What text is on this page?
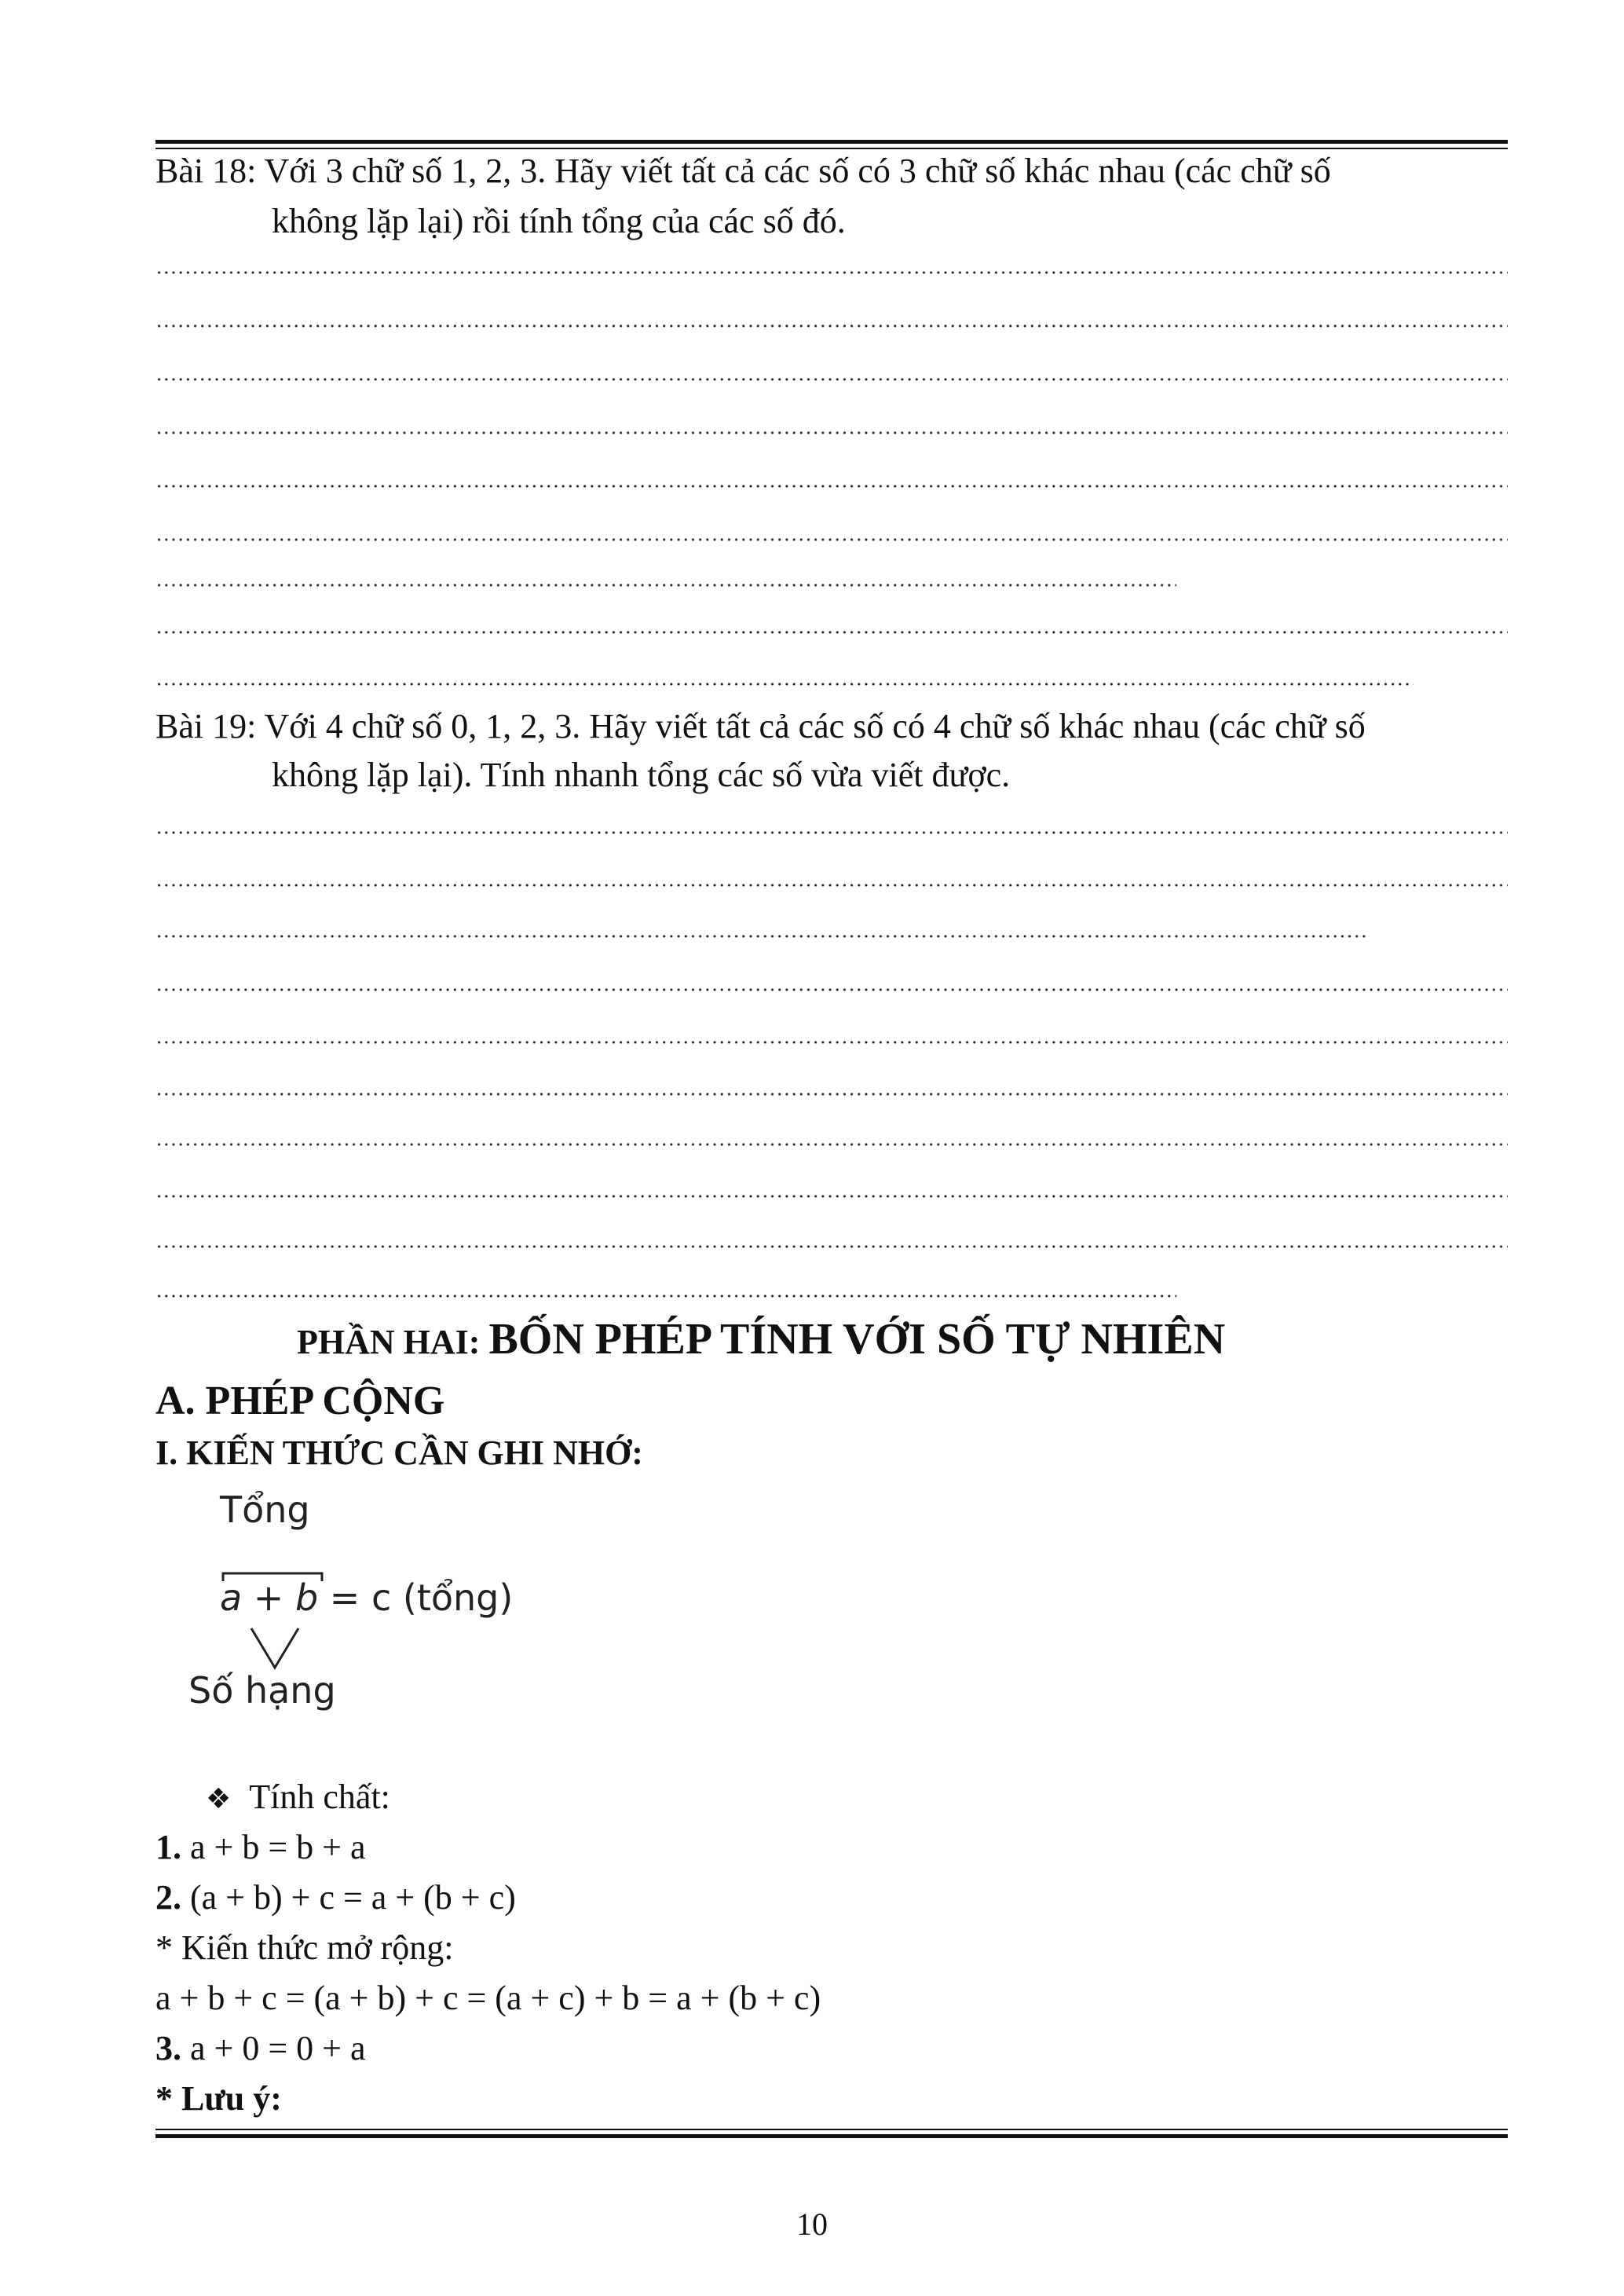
Bài 18: Với 3 chữ số 1, 2, 3. Hãy viết tất cả các số có 3 chữ số khác nhau (các chữ số
không lặp lại) rồi tính tổng của các số đó.
Bài 19: Với 4 chữ số 0, 1, 2, 3. Hãy viết tất cả các số có 4 chữ số khác nhau (các chữ số
không lặp lại). Tính nhanh tổng các số vừa viết được.
PHẦN HAI: BỐN PHÉP TÍNH VỚI SỐ TỰ NHIÊN
A. PHÉP CỘNG
I. KIẾN THỨC CẦN GHI NHỚ:
Tổng
a + b = c (tổng)
Số hạng
❖ Tính chất:
1. a + b = b + a
2. (a + b) + c = a + (b + c)
* Kiến thức mở rộng:
a + b + c = (a + b) + c = (a + c) + b = a + (b + c)
3. a + 0 = 0 + a
* Lưu ý:
10
